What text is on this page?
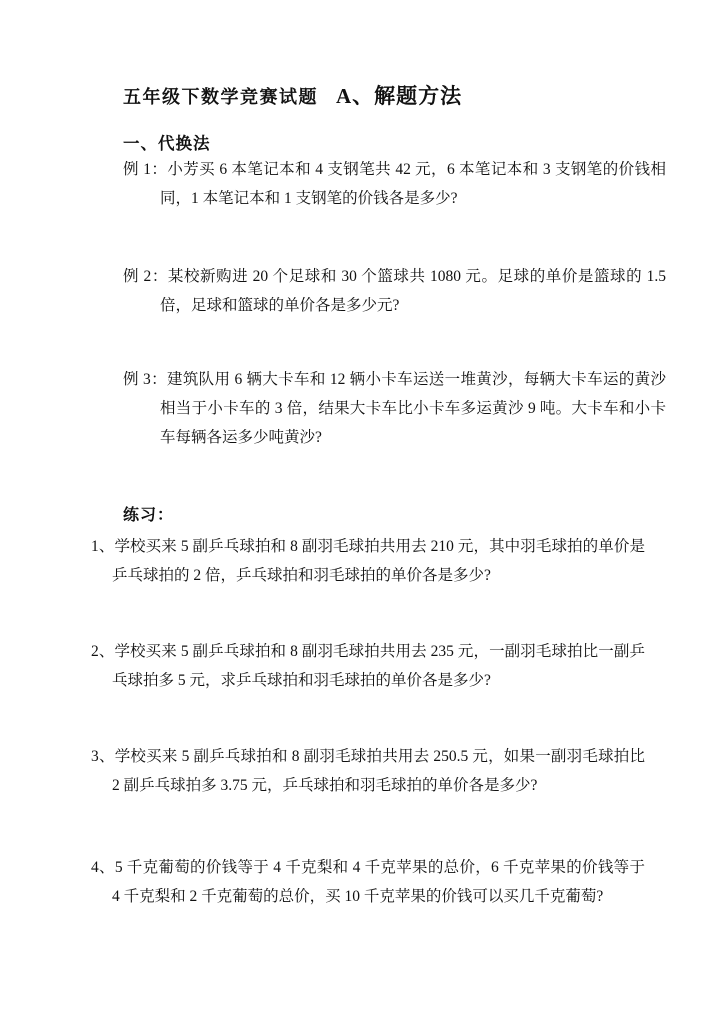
五年级下数学竞赛试题 A、解题方法
一、代换法
例 1：小芳买 6 本笔记本和 4 支钢笔共 42 元，6 本笔记本和 3 支钢笔的价钱相同，1 本笔记本和 1 支钢笔的价钱各是多少?
例 2：某校新购进 20 个足球和 30 个篮球共 1080 元。足球的单价是篮球的 1.5 倍，足球和篮球的单价各是多少元?
例 3：建筑队用 6 辆大卡车和 12 辆小卡车运送一堆黄沙，每辆大卡车运的黄沙相当于小卡车的 3 倍，结果大卡车比小卡车多运黄沙 9 吨。大卡车和小卡车每辆各运多少吨黄沙?
练习：
1、学校买来 5 副乒乓球拍和 8 副羽毛球拍共用去 210 元，其中羽毛球拍的单价是乒乓球拍的 2 倍，乒乓球拍和羽毛球拍的单价各是多少?
2、学校买来 5 副乒乓球拍和 8 副羽毛球拍共用去 235 元，一副羽毛球拍比一副乒乓球拍多 5 元，求乒乓球拍和羽毛球拍的单价各是多少?
3、学校买来 5 副乒乓球拍和 8 副羽毛球拍共用去 250.5 元，如果一副羽毛球拍比 2 副乒乓球拍多 3.75 元，乒乓球拍和羽毛球拍的单价各是多少?
4、5 千克葡萄的价钱等于 4 千克梨和 4 千克苹果的总价，6 千克苹果的价钱等于 4 千克梨和 2 千克葡萄的总价，买 10 千克苹果的价钱可以买几千克葡萄?
